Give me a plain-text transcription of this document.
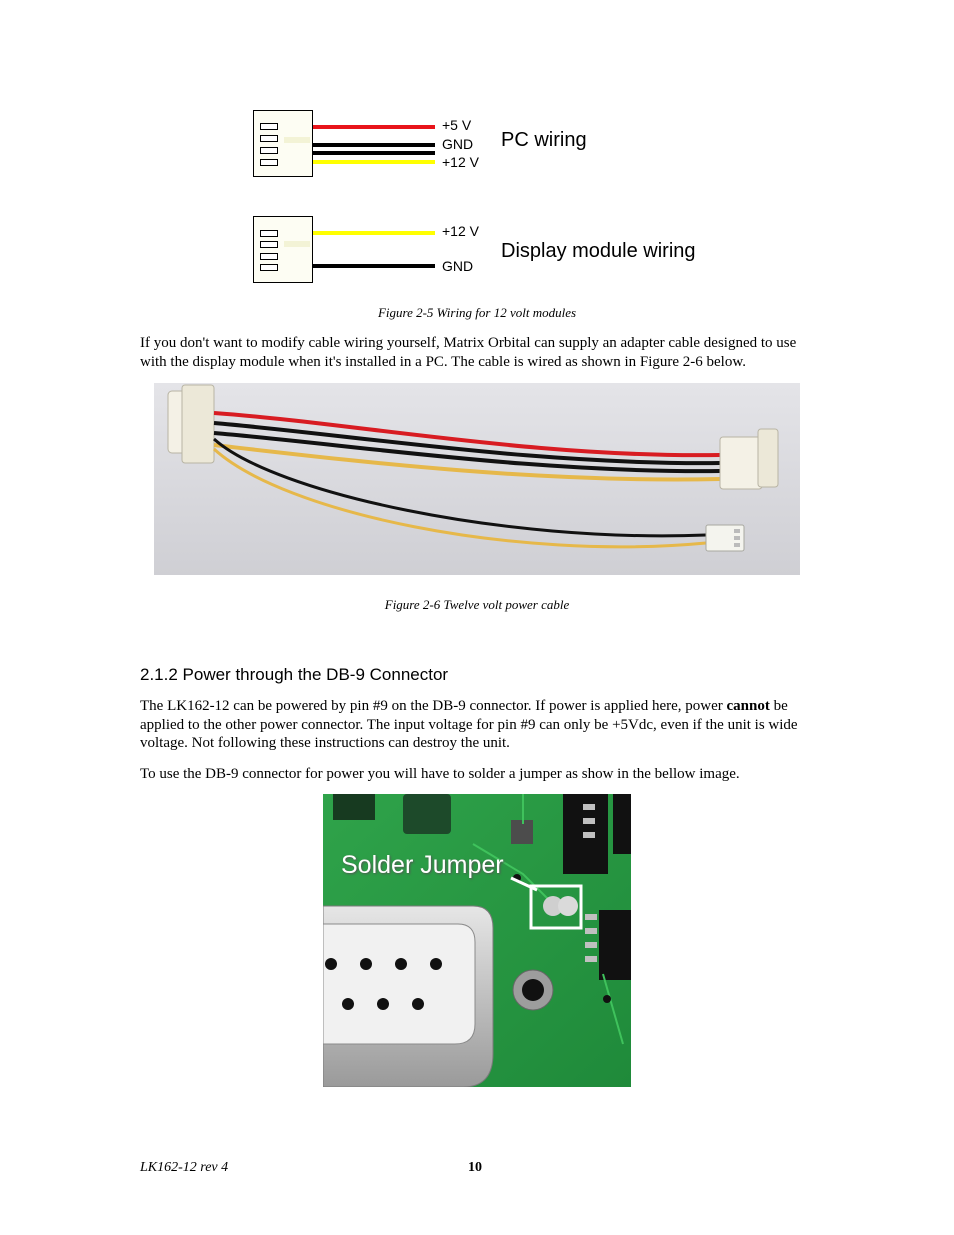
+5 V
GND
+12 V
PC wiring
+12 V
GND
Display module wiring
Figure 2-5 Wiring for 12 volt modules

If you don't want to modify cable wiring yourself, Matrix Orbital can supply an adapter cable designed to use with the display module when it's installed in a PC. The cable is wired as shown in Figure 2-6 below.

Figure 2-6 Twelve volt power cable
2.1.2 Power through the DB-9 Connector

The LK162-12 can be powered by pin #9 on the DB-9 connector. If power is applied here, power cannot be applied to the other power connector. The input voltage for pin #9 can only be +5Vdc, even if the unit is wide voltage. Not following these instructions can destroy the unit.

To use the DB-9 connector for power you will have to solder a jumper as show in the bellow image.

Solder Jumper
LK162-12 rev 4	10
